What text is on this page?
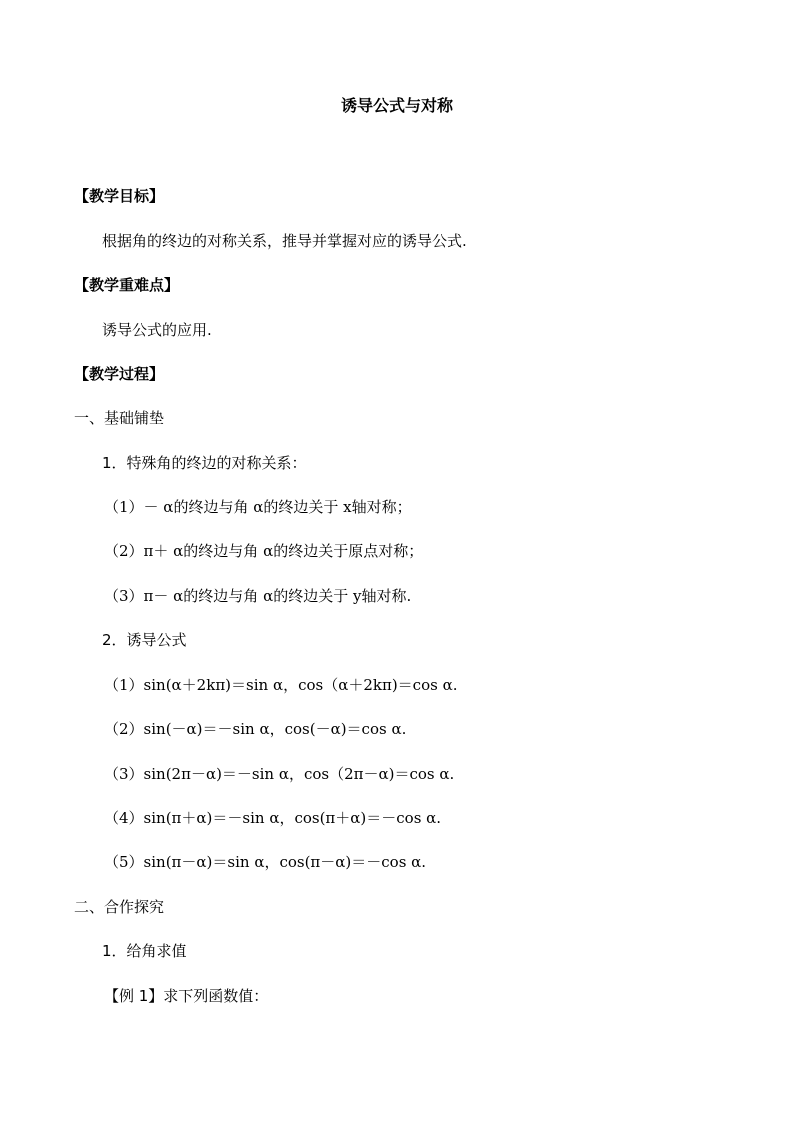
诱导公式与对称
【教学目标】
根据角的终边的对称关系，推导并掌握对应的诱导公式.
【教学重难点】
诱导公式的应用.
【教学过程】
一、基础铺垫
1．特殊角的终边的对称关系：
（1）－ α的终边与角 α的终边关于 x轴对称；
（2）π＋ α的终边与角 α的终边关于原点对称；
（3）π－ α的终边与角 α的终边关于 y轴对称.
2．诱导公式
（1）sin(α＋2kπ)＝sin α，cos（α＋2kπ)＝cos α.
（2）sin(－α)＝－sin α，cos(－α)＝cos α.
（3）sin(2π－α)＝－sin α，cos（2π－α)＝cos α.
（4）sin(π＋α)＝－sin α，cos(π＋α)＝－cos α.
（5）sin(π－α)＝sin α，cos(π－α)＝－cos α.
二、合作探究
1．给角求值
【例 1】求下列函数值：
